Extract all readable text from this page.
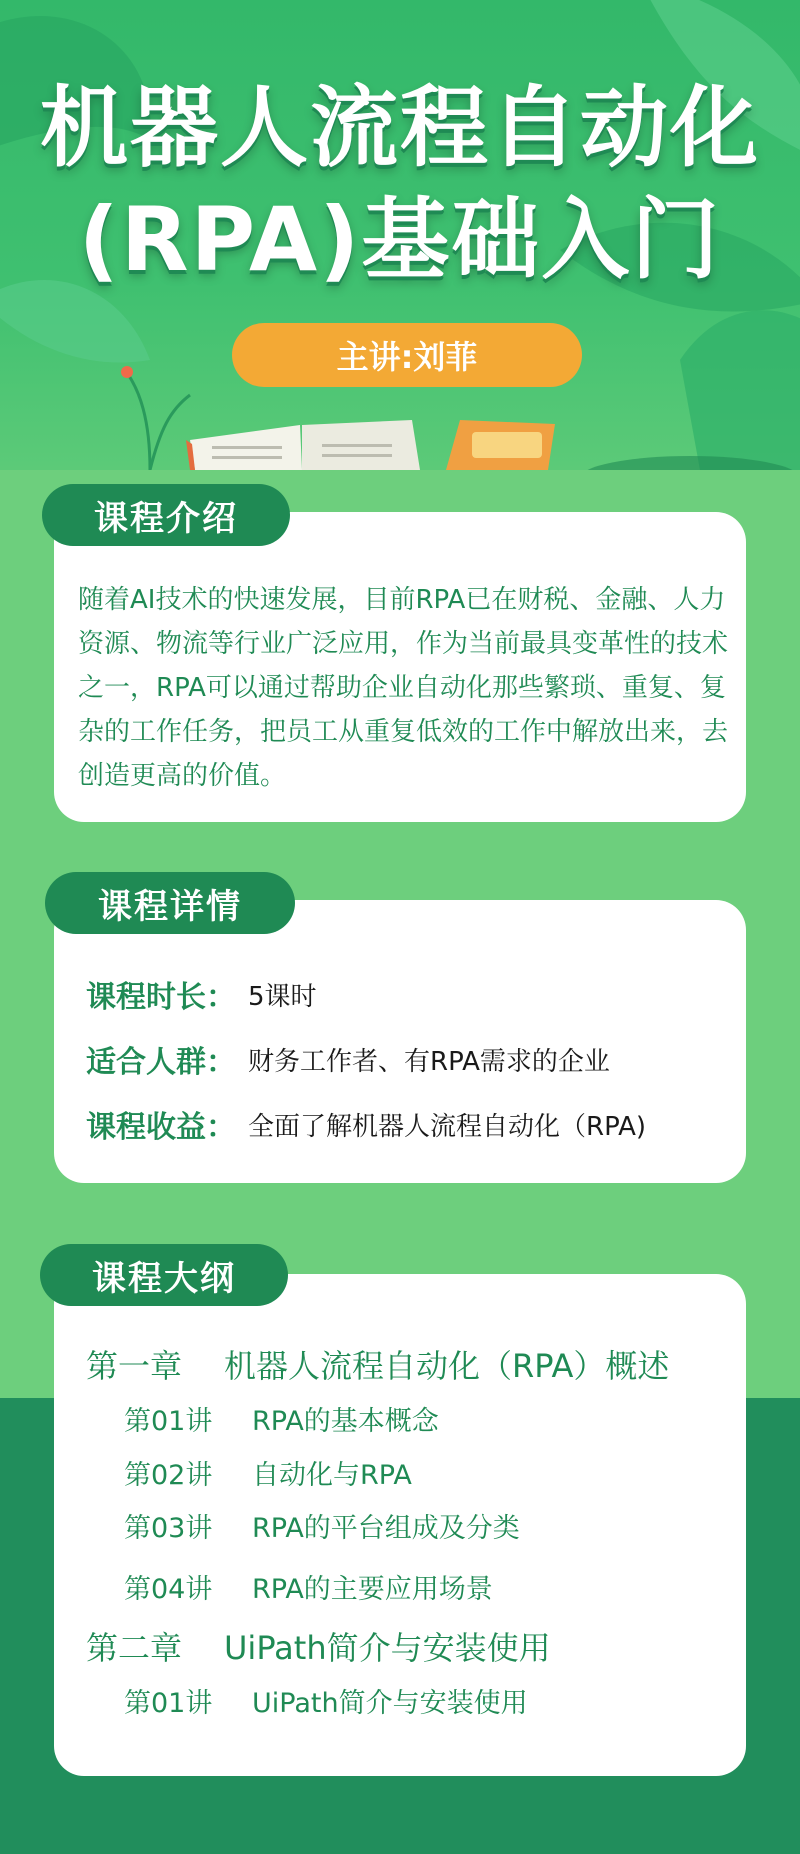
机器人流程自动化
(RPA)基础入门
主讲:刘菲
课程介绍
随着AI技术的快速发展，目前RPA已在财税、金融、人力资源、物流等行业广泛应用，作为当前最具变革性的技术之一，RPA可以通过帮助企业自动化那些繁琐、重复、复杂的工作任务，把员工从重复低效的工作中解放出来，去创造更高的价值。
课程详情
课程时长： 5课时
适合人群： 财务工作者、有RPA需求的企业
课程收益： 全面了解机器人流程自动化（RPA)
课程大纲
第一章	机器人流程自动化（RPA）概述
第01讲	RPA的基本概念
第02讲	自动化与RPA
第03讲	RPA的平台组成及分类
第04讲	RPA的主要应用场景
第二章	UiPath简介与安装使用
第01讲	UiPath简介与安装使用
